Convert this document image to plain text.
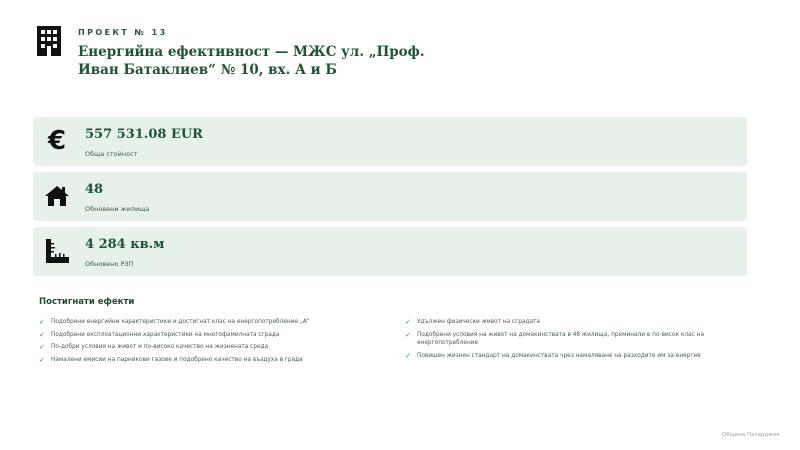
ПРОЕКТ № 13
Енергийна ефективност — МЖС ул. „Проф. Иван Батаклиев“ № 10, вх. А и Б
€ 557 531.08 EUR
Обща стойност
48
Обновени жилища
4 284 кв.м
Обновено РЗП
Постигнати ефекти
✓	Подобрени енергийни характеристики и достигнат клас на енергопотребление „А“
✓	Подобрени експлоатационни характеристики на многофамилната сграда
✓	По-добри условия на живот и по-високо качество на жизнената среда
✓	Намалени емисии на парникови газове и подобрено качество на въздуха в града
✓	Удължен физически живот на сградата
✓	Подобрени условия на живот на домакинствата в 48 жилища, преминали в по-висок клас на енергопотребление
✓	Повишен жизнен стандарт на домакинствата чрез намаляване на разходите им за енергия
Община Пазарджик
